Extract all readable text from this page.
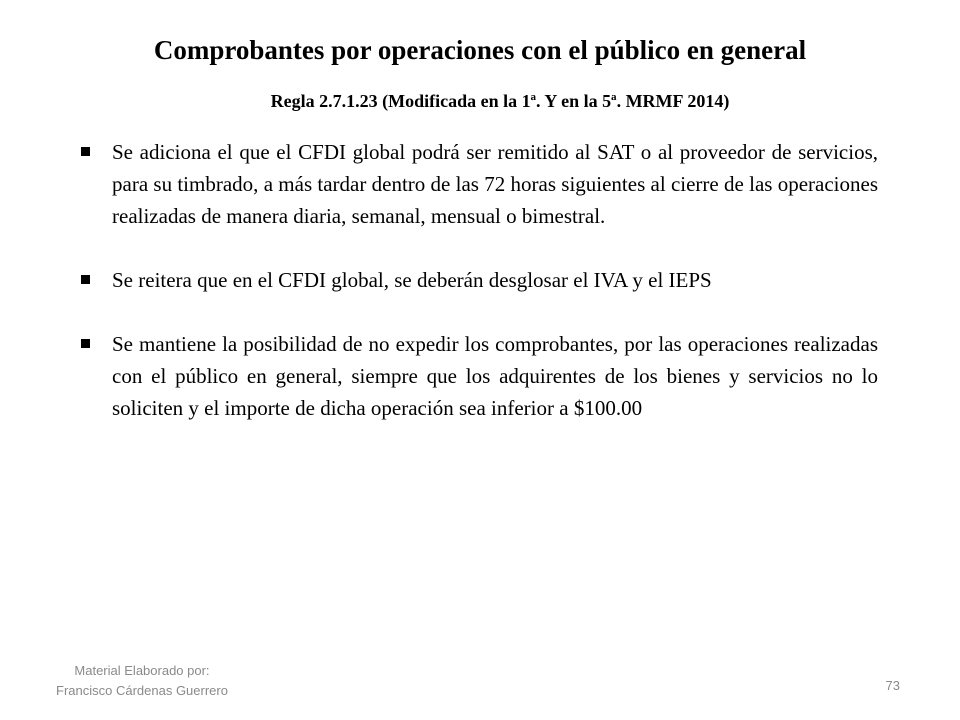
Comprobantes por operaciones con el público en general
Regla 2.7.1.23 (Modificada en la 1ª. Y en la 5ª. MRMF 2014)
Se adiciona el que el CFDI global podrá ser remitido al SAT o al proveedor de servicios, para su timbrado, a más tardar dentro de las 72 horas siguientes al cierre de las operaciones realizadas de manera diaria, semanal, mensual o bimestral.
Se reitera que en el CFDI global, se deberán desglosar el IVA y el IEPS
Se mantiene la posibilidad de no expedir los comprobantes, por las operaciones realizadas con el público en general, siempre que los adquirentes de los bienes y servicios no lo soliciten y el importe de dicha operación sea inferior a $100.00
Material Elaborado por:
Francisco Cárdenas Guerrero	73
